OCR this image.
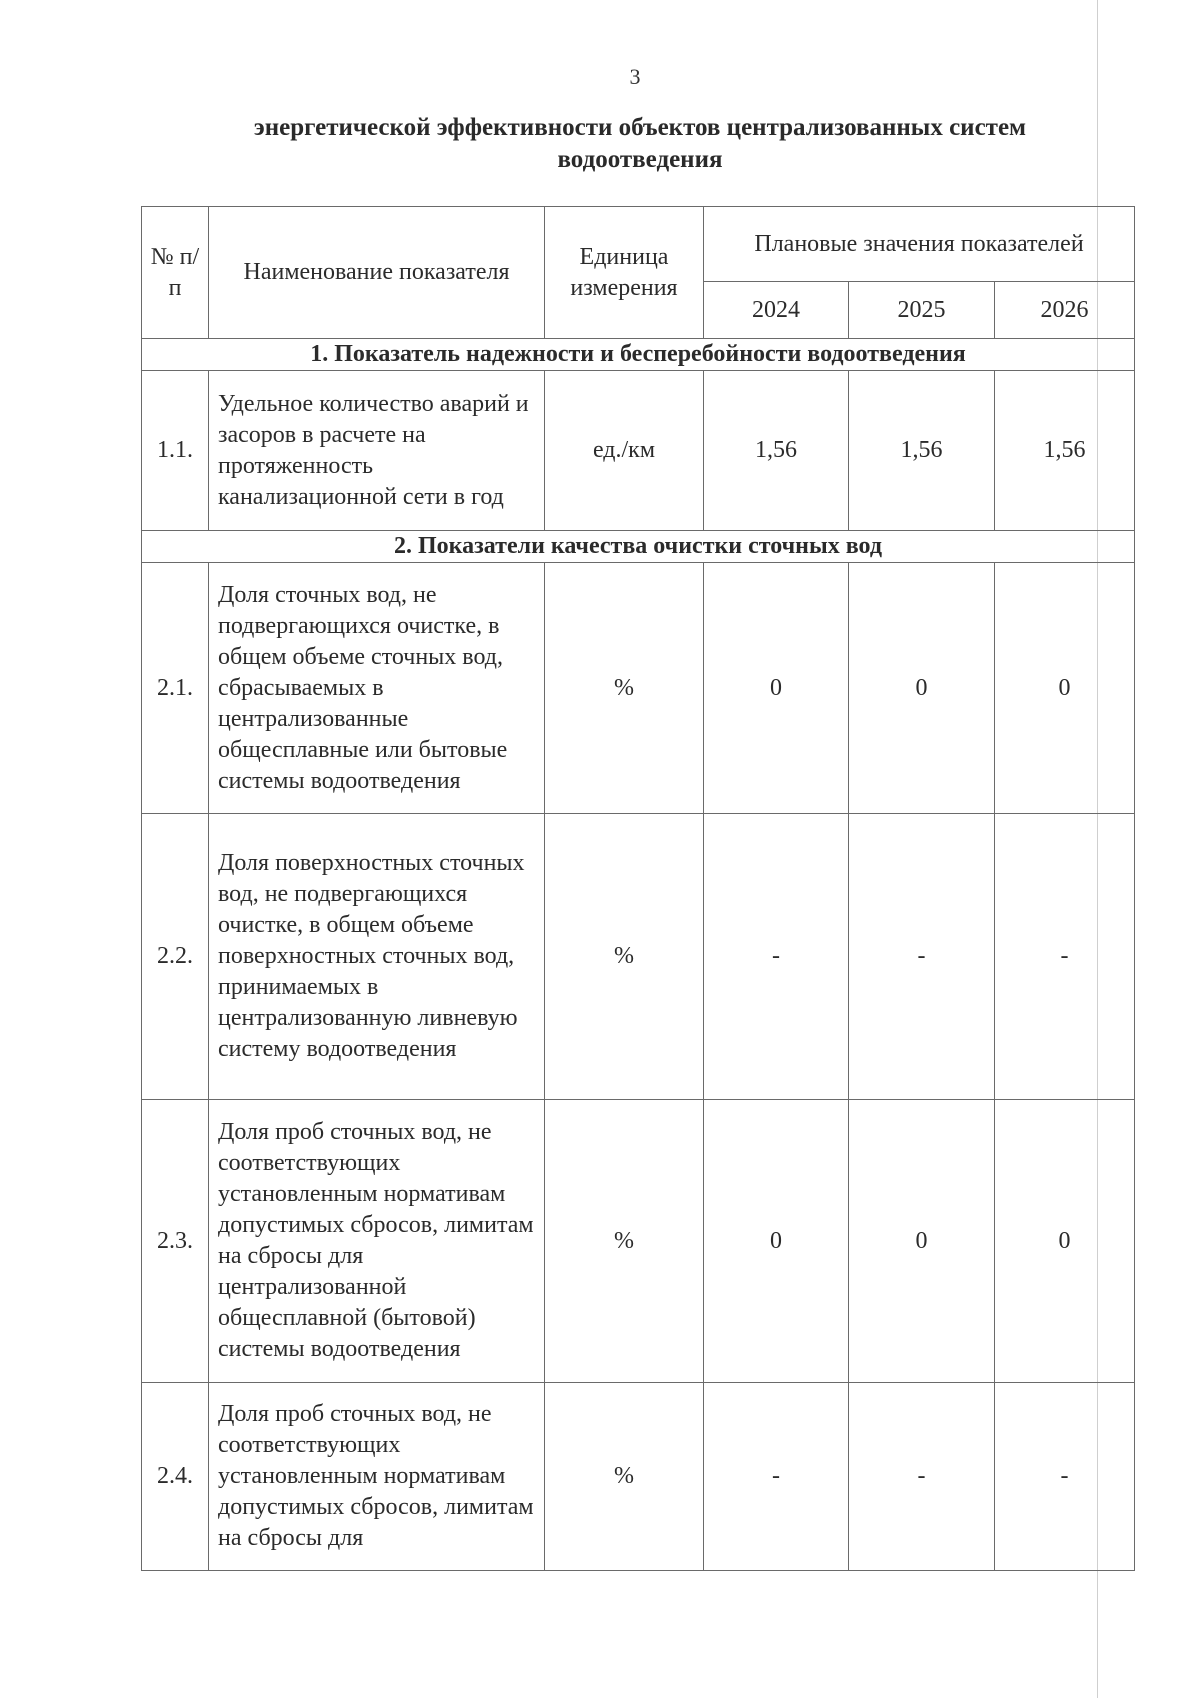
3
энергетической эффективности объектов централизованных систем
водоотведения
№ п/п	Наименование показателя	Единица измерения	Плановые значения показателей		
			2024	2025	2026
1. Показатель надежности и бесперебойности водоотведения					
1.1.	Удельное количество аварий и засоров в расчете на протяженность канализационной сети в год	ед./км	1,56	1,56	1,56
2. Показатели качества очистки сточных вод					
2.1.	Доля сточных вод, не подвергающихся очистке, в общем объеме сточных вод, сбрасываемых в централизованные общесплавные или бытовые системы водоотведения	%	0	0	0
2.2.	Доля поверхностных сточных вод, не подвергающихся очистке, в общем объеме поверхностных сточных вод, принимаемых в централизованную ливневую систему водоотведения	%	-	-	-
2.3.	Доля проб сточных вод, не соответствующих установленным нормативам допустимых сбросов, лимитам на сбросы для централизованной общесплавной (бытовой) системы водоотведения	%	0	0	0
2.4.	Доля проб сточных вод, не соответствующих установленным нормативам допустимых сбросов, лимитам на сбросы для	%	-	-	-
